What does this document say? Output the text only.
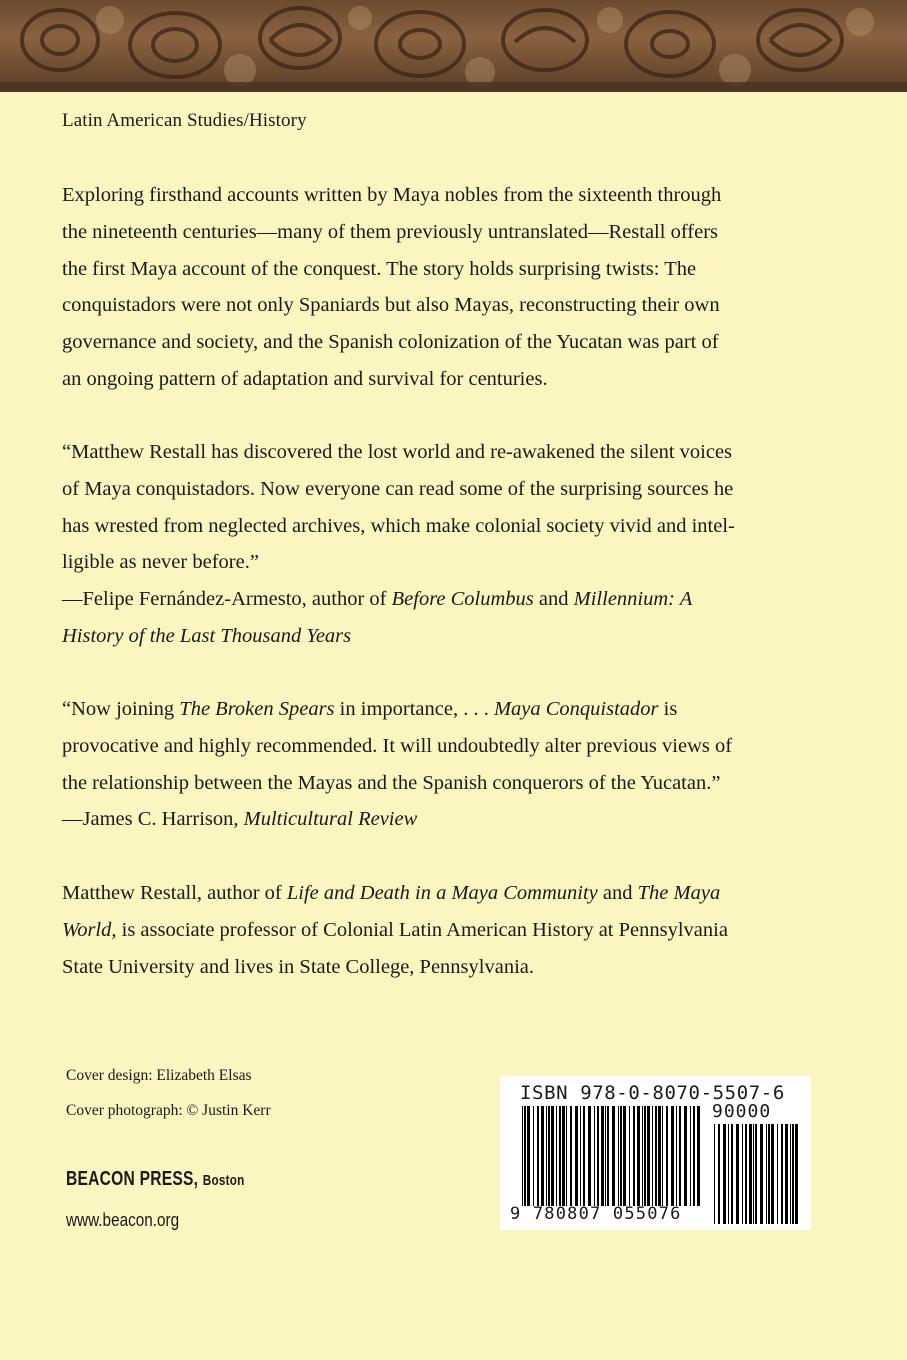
Latin American Studies/History
Exploring firsthand accounts written by Maya nobles from the sixteenth through
the nineteenth centuries—many of them previously untranslated—Restall offers
the first Maya account of the conquest. The story holds surprising twists: The
conquistadors were not only Spaniards but also Mayas, reconstructing their own
governance and society, and the Spanish colonization of the Yucatan was part of
an ongoing pattern of adaptation and survival for centuries.
“Matthew Restall has discovered the lost world and re-awakened the silent voices
of Maya conquistadors. Now everyone can read some of the surprising sources he
has wrested from neglected archives, which make colonial society vivid and intel-
ligible as never before.”
—Felipe Fernández-Armesto, author of Before Columbus and Millennium: A
History of the Last Thousand Years
“Now joining The Broken Spears in importance, . . . Maya Conquistador is
provocative and highly recommended. It will undoubtedly alter previous views of
the relationship between the Mayas and the Spanish conquerors of the Yucatan.”
—James C. Harrison, Multicultural Review
Matthew Restall, author of Life and Death in a Maya Community and The Maya
World, is associate professor of Colonial Latin American History at Pennsylvania
State University and lives in State College, Pennsylvania.
Cover design: Elizabeth Elsas
Cover photograph: © Justin Kerr
BEACON PRESS, Boston
www.beacon.org
ISBN 978-0-8070-5507-6
90000
9 780807 055076
